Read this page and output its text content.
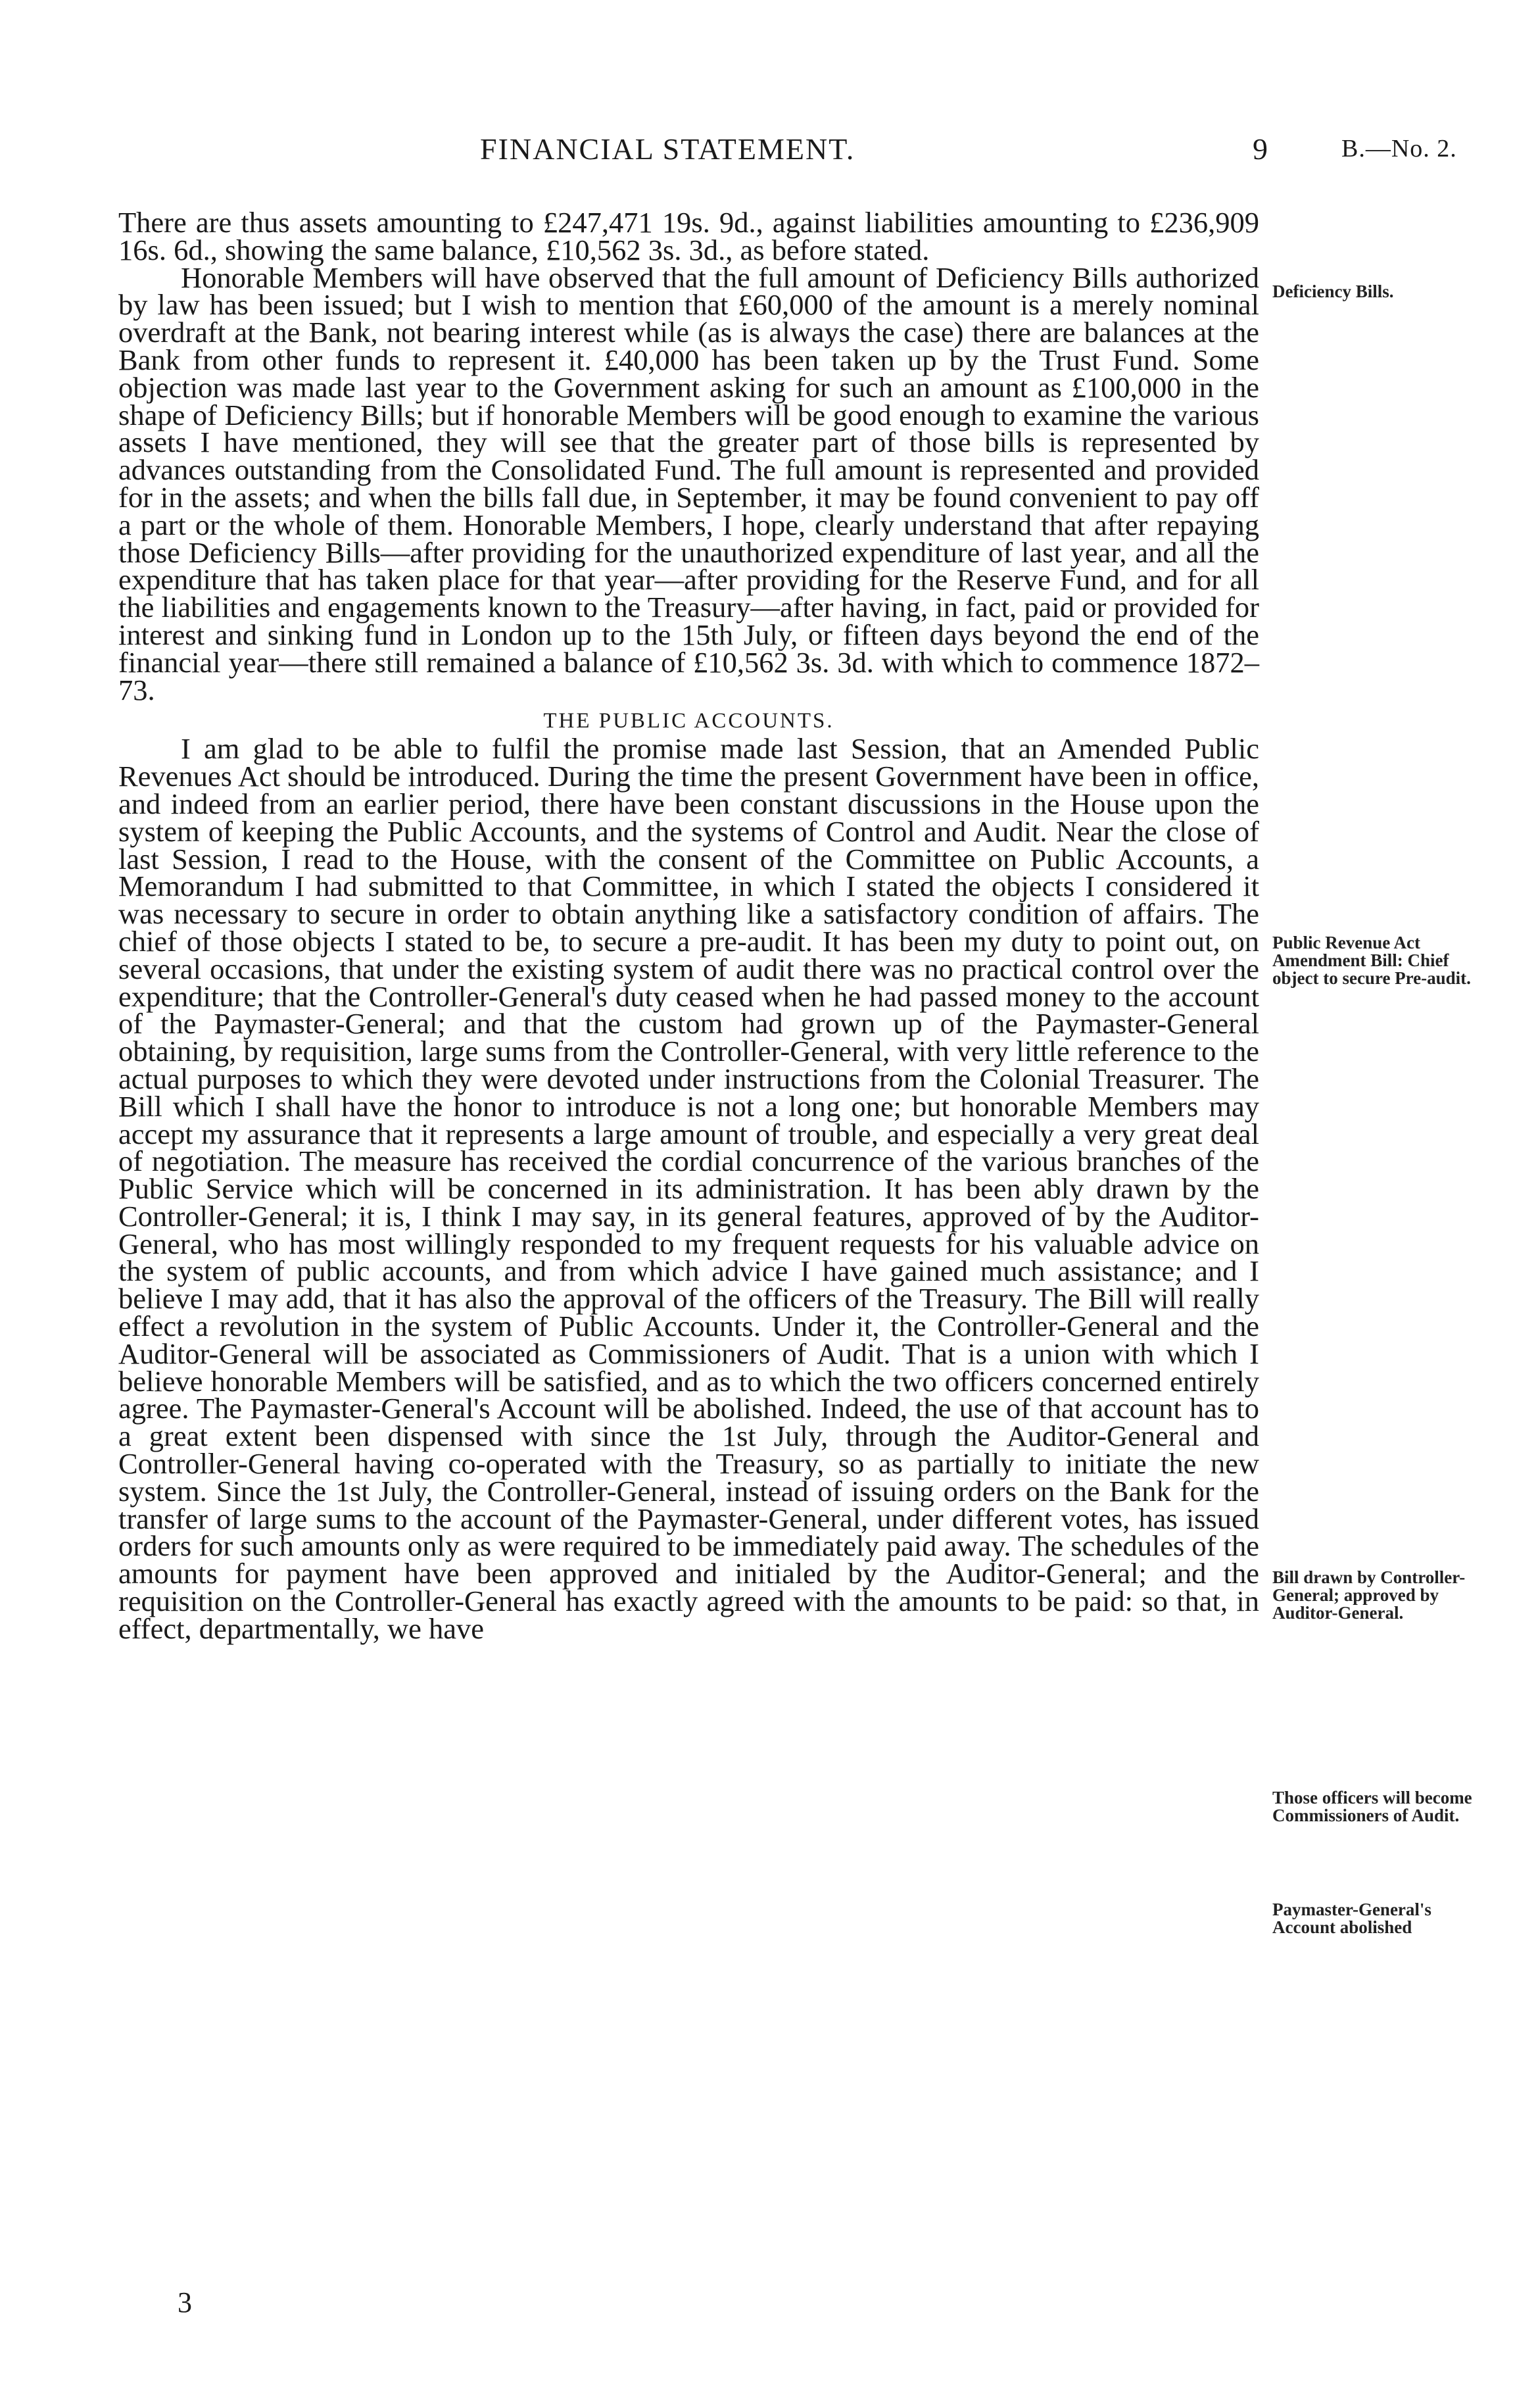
FINANCIAL STATEMENT.	9	B.—No. 2.

There are thus assets amounting to £247,471 19s. 9d., against liabilities amounting to £236,909 16s. 6d., showing the same balance, £10,562 3s. 3d., as before stated.

Honorable Members will have observed that the full amount of Deficiency Bills authorized by law has been issued; but I wish to mention that £60,000 of the amount is a merely nominal overdraft at the Bank, not bearing interest while (as is always the case) there are balances at the Bank from other funds to represent it. £40,000 has been taken up by the Trust Fund. Some objection was made last year to the Government asking for such an amount as £100,000 in the shape of Deficiency Bills; but if honorable Members will be good enough to examine the various assets I have mentioned, they will see that the greater part of those bills is represented by advances outstanding from the Consolidated Fund. The full amount is represented and provided for in the assets; and when the bills fall due, in September, it may be found convenient to pay off a part or the whole of them. Honorable Members, I hope, clearly understand that after repaying those Deficiency Bills—after providing for the unauthorized expenditure of last year, and all the expenditure that has taken place for that year—after providing for the Reserve Fund, and for all the liabilities and engagements known to the Treasury—after having, in fact, paid or provided for interest and sinking fund in London up to the 15th July, or fifteen days beyond the end of the financial year—there still remained a balance of £10,562 3s. 3d. with which to commence 1872–73.

THE PUBLIC ACCOUNTS.

I am glad to be able to fulfil the promise made last Session, that an Amended Public Revenues Act should be introduced. During the time the present Government have been in office, and indeed from an earlier period, there have been constant discussions in the House upon the system of keeping the Public Accounts, and the systems of Control and Audit. Near the close of last Session, I read to the House, with the consent of the Committee on Public Accounts, a Memorandum I had submitted to that Committee, in which I stated the objects I considered it was necessary to secure in order to obtain anything like a satisfactory condition of affairs. The chief of those objects I stated to be, to secure a pre-audit. It has been my duty to point out, on several occasions, that under the existing system of audit there was no practical control over the expenditure; that the Controller-General's duty ceased when he had passed money to the account of the Paymaster-General; and that the custom had grown up of the Paymaster-General obtaining, by requisition, large sums from the Controller-General, with very little reference to the actual purposes to which they were devoted under instructions from the Colonial Treasurer. The Bill which I shall have the honor to introduce is not a long one; but honorable Members may accept my assurance that it represents a large amount of trouble, and especially a very great deal of negotiation. The measure has received the cordial concurrence of the various branches of the Public Service which will be concerned in its administration. It has been ably drawn by the Controller-General; it is, I think I may say, in its general features, approved of by the Auditor-General, who has most willingly responded to my frequent requests for his valuable advice on the system of public accounts, and from which advice I have gained much assistance; and I believe I may add, that it has also the approval of the officers of the Treasury. The Bill will really effect a revolution in the system of Public Accounts. Under it, the Controller-General and the Auditor-General will be associated as Commissioners of Audit. That is a union with which I believe honorable Members will be satisfied, and as to which the two officers concerned entirely agree. The Paymaster-General's Account will be abolished. Indeed, the use of that account has to a great extent been dispensed with since the 1st July, through the Auditor-General and Controller-General having co-operated with the Treasury, so as partially to initiate the new system. Since the 1st July, the Controller-General, instead of issuing orders on the Bank for the transfer of large sums to the account of the Paymaster-General, under different votes, has issued orders for such amounts only as were required to be immediately paid away. The schedules of the amounts for payment have been approved and initialed by the Auditor-General; and the requisition on the Controller-General has exactly agreed with the amounts to be paid: so that, in effect, departmentally, we have

Deficiency Bills.
Public Revenue Act Amendment Bill: Chief object to secure Pre-audit.
Bill drawn by Controller-General; approved by Auditor-General.
Those officers will become Commissioners of Audit.
Paymaster-General's Account abolished
3
